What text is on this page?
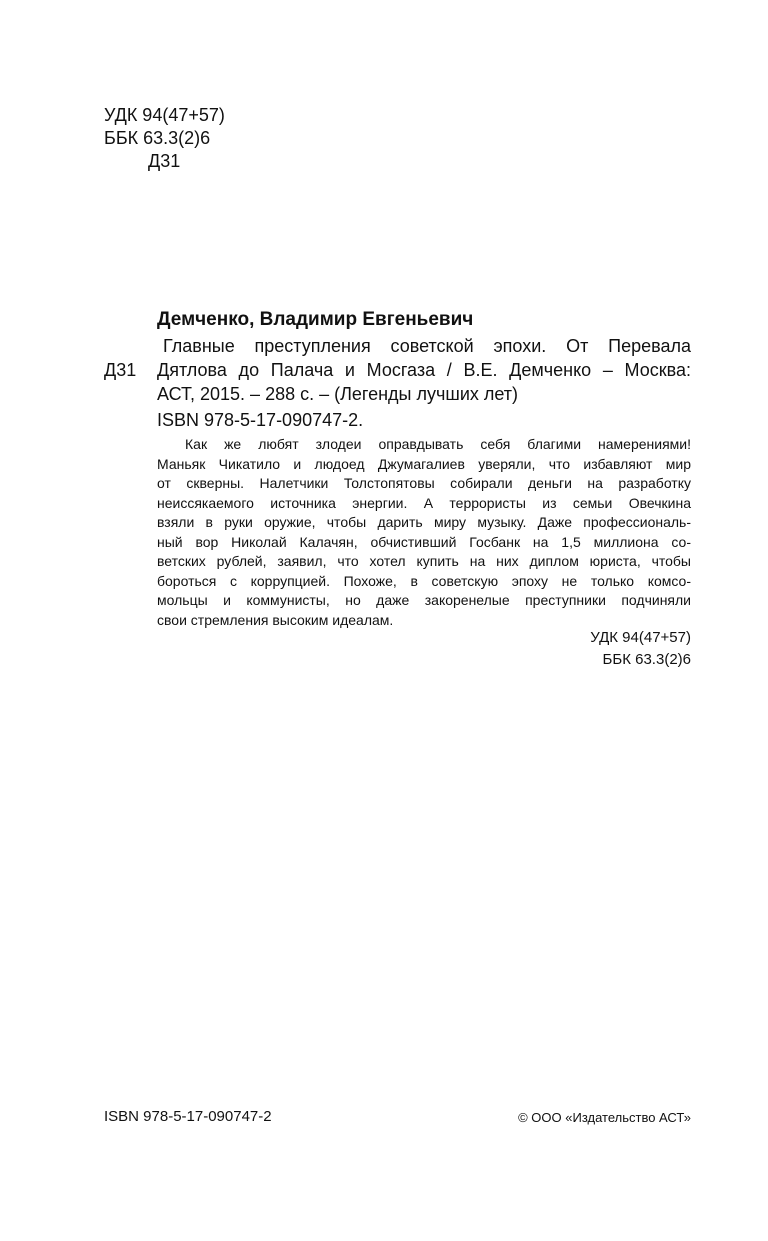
УДК 94(47+57)
ББК 63.3(2)6
Д31
Демченко, Владимир Евгеньевич
Д31
Главные преступления советской эпохи. От Перевала
Дятлова до Палача и Мосгаза / В.Е. Демченко – Москва:
АСТ, 2015. – 288 с. – (Легенды лучших лет)
ISBN 978-5-17-090747-2.
Как же любят злодеи оправдывать себя благими намерениями!
Маньяк Чикатило и людоед Джумагалиев уверяли, что избавляют мир
от скверны. Налетчики Толстопятовы собирали деньги на разработку
неиссякаемого источника энергии. А террористы из семьи Овечкина
взяли в руки оружие, чтобы дарить миру музыку. Даже профессиональ-
ный вор Николай Калачян, обчистивший Госбанк на 1,5 миллиона со-
ветских рублей, заявил, что хотел купить на них диплом юриста, чтобы
бороться с коррупцией. Похоже, в советскую эпоху не только комсо-
мольцы и коммунисты, но даже закоренелые преступники подчиняли
свои стремления высоким идеалам.
УДК 94(47+57)
ББК 63.3(2)6
ISBN 978-5-17-090747-2	© ООО «Издательство АСТ»
